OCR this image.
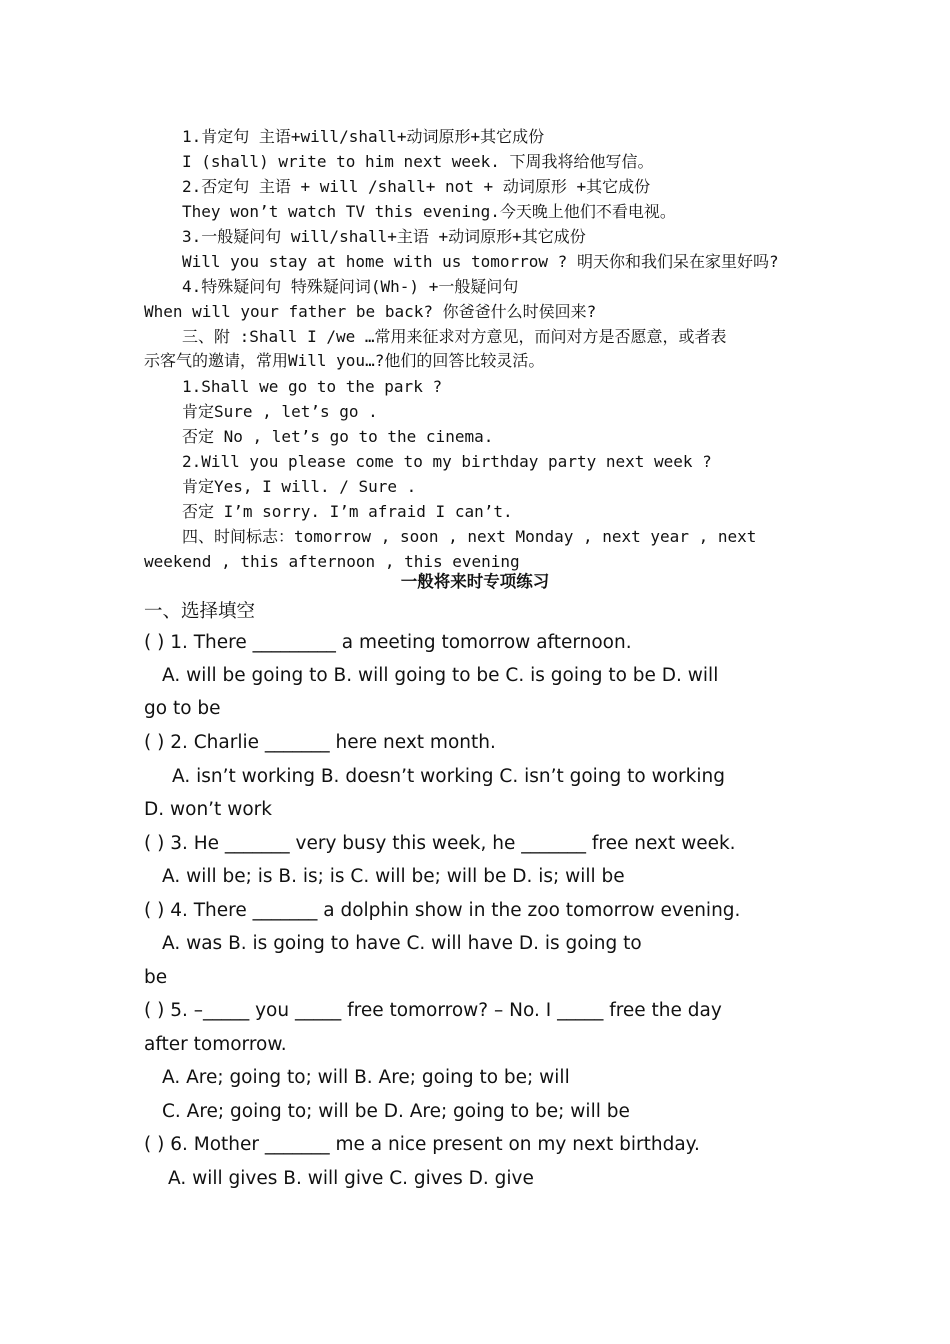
1.肯定句 主语+will/shall+动词原形+其它成份
I (shall) write to him next week. 下周我将给他写信。
2.否定句 主语 + will /shall+ not + 动词原形 +其它成份
They won’t watch TV this evening.今天晚上他们不看电视。
3.一般疑问句 will/shall+主语 +动词原形+其它成份
Will you stay at home with us tomorrow ? 明天你和我们呆在家里好吗?
4.特殊疑问句 特殊疑问词(Wh-) +一般疑问句
When will your father be back? 你爸爸什么时侯回来?
三、附 :Shall I /we …常用来征求对方意见，而问对方是否愿意，或者表
示客气的邀请，常用Will you…?他们的回答比较灵活。
1.Shall we go to the park ?
肯定Sure , let’s go .
否定 No , let’s go to the cinema.
2.Will you please come to my birthday party next week ?
肯定Yes, I will. / Sure .
否定 I’m sorry. I’m afraid I can’t.
四、时间标志：tomorrow , soon , next Monday , next year , next
weekend , this afternoon , this evening
一般将来时专项练习
一、选择填空
( ) 1. There _________ a meeting tomorrow afternoon.
A. will be going to B. will going to be C. is going to be D. will
go to be
( ) 2. Charlie _______ here next month.
A. isn’t working B. doesn’t working C. isn’t going to working
D. won’t work
( ) 3. He _______ very busy this week, he _______ free next week.
A. will be; is B. is; is C. will be; will be D. is; will be
( ) 4. There _______ a dolphin show in the zoo tomorrow evening.
A. was B. is going to have C. will have D. is going to
be
( ) 5. –_____ you _____ free tomorrow? – No. I _____ free the day
after tomorrow.
A. Are; going to; will B. Are; going to be; will
C. Are; going to; will be D. Are; going to be; will be
( ) 6. Mother _______ me a nice present on my next birthday.
A. will gives B. will give C. gives D. give
